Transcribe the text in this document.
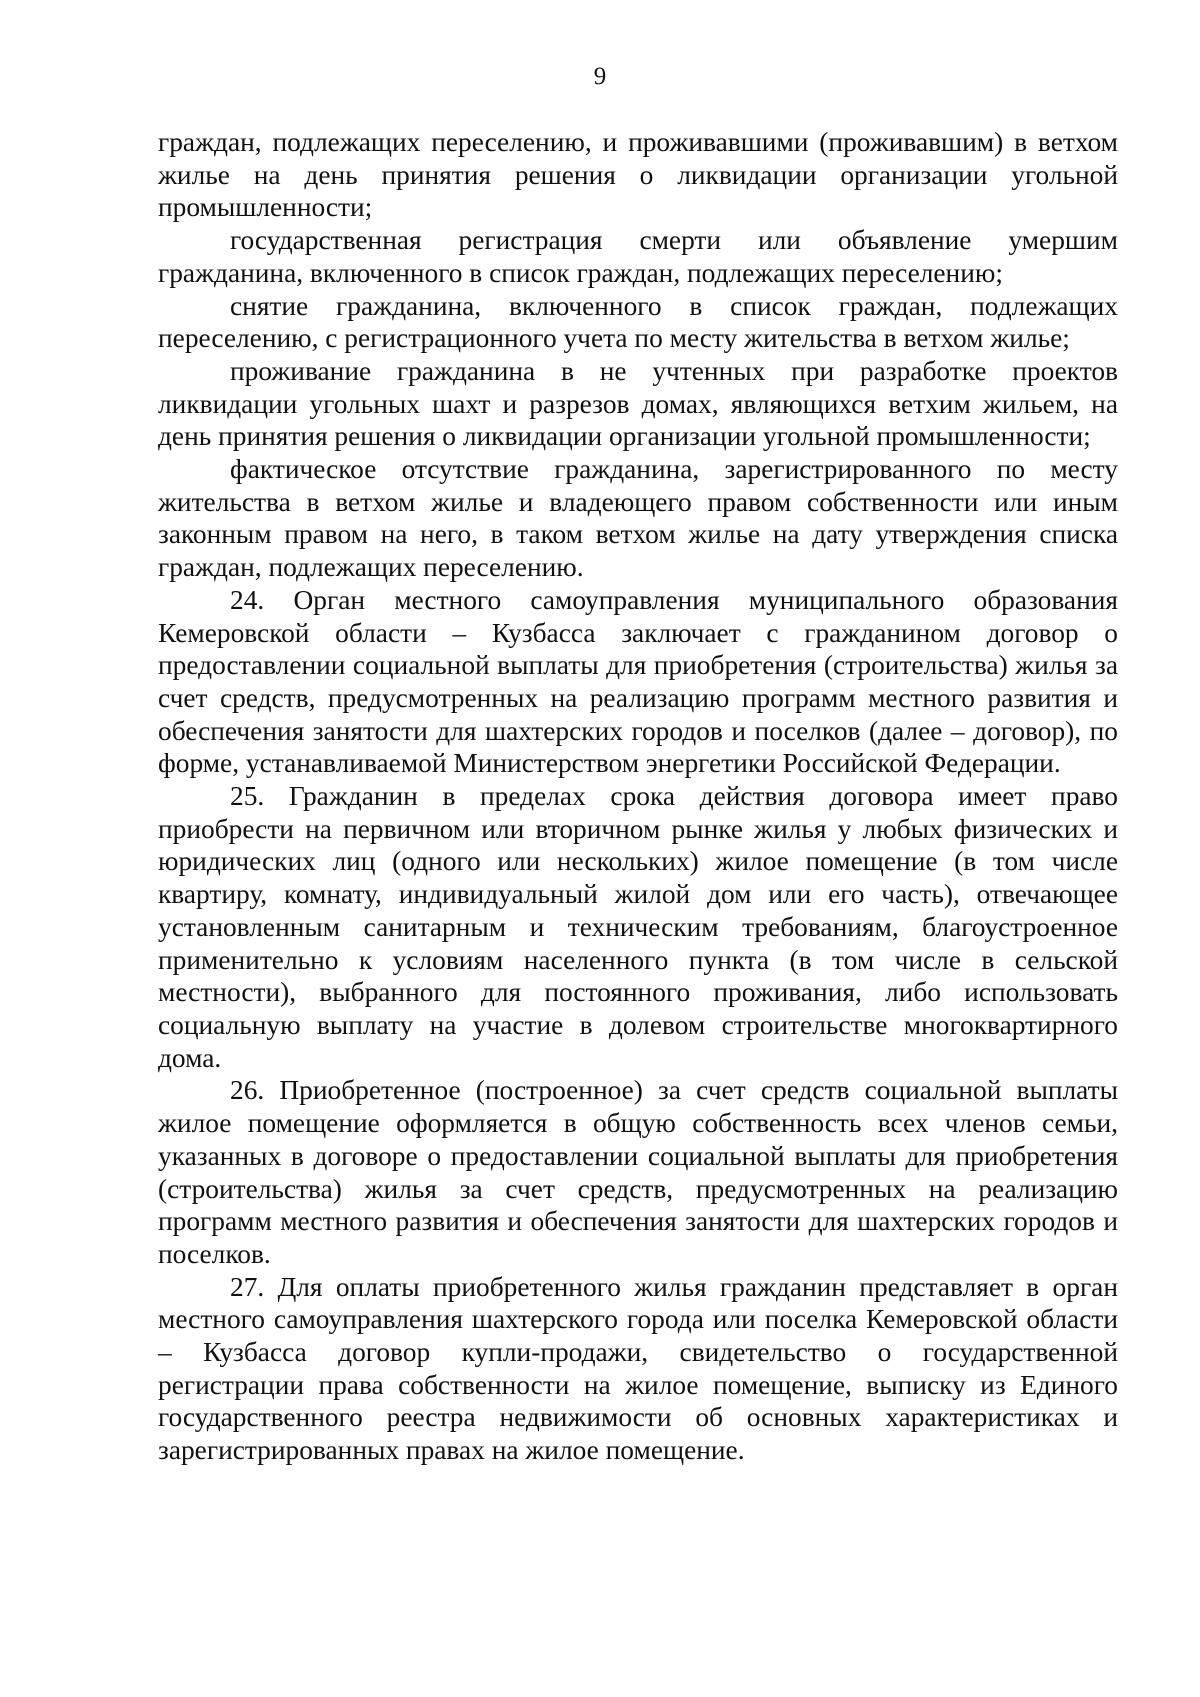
9

граждан, подлежащих переселению, и проживавшими (проживавшим) в ветхом жилье на день принятия решения о ликвидации организации угольной промышленности;

государственная регистрация смерти или объявление умершим гражданина, включенного в список граждан, подлежащих переселению;

снятие гражданина, включенного в список граждан, подлежащих переселению, с регистрационного учета по месту жительства в ветхом жилье;

проживание гражданина в не учтенных при разработке проектов ликвидации угольных шахт и разрезов домах, являющихся ветхим жильем, на день принятия решения о ликвидации организации угольной промышленности;

фактическое отсутствие гражданина, зарегистрированного по месту жительства в ветхом жилье и владеющего правом собственности или иным законным правом на него, в таком ветхом жилье на дату утверждения списка граждан, подлежащих переселению.

24. Орган местного самоуправления муниципального образования Кемеровской области – Кузбасса заключает с гражданином договор о предоставлении социальной выплаты для приобретения (строительства) жилья за счет средств, предусмотренных на реализацию программ местного развития и обеспечения занятости для шахтерских городов и поселков (далее – договор), по форме, устанавливаемой Министерством энергетики Российской Федерации.

25. Гражданин в пределах срока действия договора имеет право приобрести на первичном или вторичном рынке жилья у любых физических и юридических лиц (одного или нескольких) жилое помещение (в том числе квартиру, комнату, индивидуальный жилой дом или его часть), отвечающее установленным санитарным и техническим требованиям, благоустроенное применительно к условиям населенного пункта (в том числе в сельской местности), выбранного для постоянного проживания, либо использовать социальную выплату на участие в долевом строительстве многоквартирного дома.

26. Приобретенное (построенное) за счет средств социальной выплаты жилое помещение оформляется в общую собственность всех членов семьи, указанных в договоре о предоставлении социальной выплаты для приобретения (строительства) жилья за счет средств, предусмотренных на реализацию программ местного развития и обеспечения занятости для шахтерских городов и поселков.

27. Для оплаты приобретенного жилья гражданин представляет в орган местного самоуправления шахтерского города или поселка Кемеровской области – Кузбасса договор купли-продажи, свидетельство о государственной регистрации права собственности на жилое помещение, выписку из Единого государственного реестра недвижимости об основных характеристиках и зарегистрированных правах на жилое помещение.
